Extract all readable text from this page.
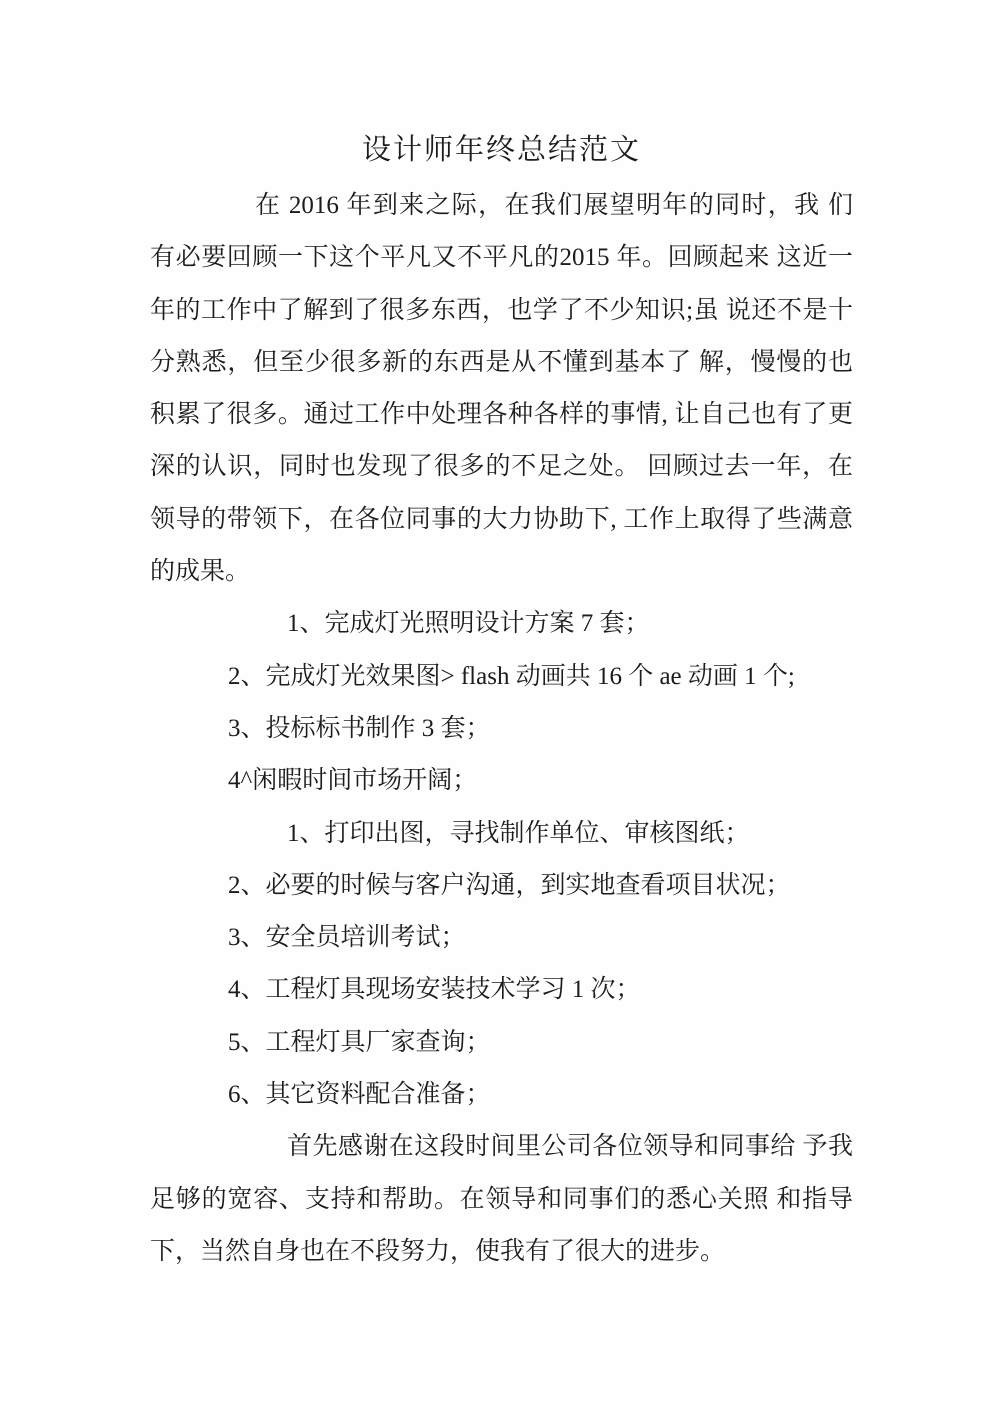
设计师年终总结范文
在 2016 年到来之际，在我们展望明年的同时，我 们
有必要回顾一下这个平凡又不平凡的2015 年。回顾起来 这近一
年的工作中了解到了很多东西，也学了不少知识;虽 说还不是十
分熟悉，但至少很多新的东西是从不懂到基本了 解，慢慢的也
积累了很多。通过工作中处理各种各样的事情, 让自己也有了更
深的认识，同时也发现了很多的不足之处。 回顾过去一年，在
领导的带领下，在各位同事的大力协助下, 工作上取得了些满意
的成果。
1、完成灯光照明设计方案 7 套；
2、完成灯光效果图> flash 动画共 16 个 ae 动画 1 个;
3、投标标书制作 3 套；
4^闲暇时间市场开阔；
1、打印出图，寻找制作单位、审核图纸；
2、必要的时候与客户沟通，到实地查看项目状况；
3、安全员培训考试；
4、工程灯具现场安装技术学习 1 次；
5、工程灯具厂家查询；
6、其它资料配合准备；
首先感谢在这段时间里公司各位领导和同事给 予我
足够的宽容、支持和帮助。在领导和同事们的悉心关照 和指导
下，当然自身也在不段努力，使我有了很大的进步。
